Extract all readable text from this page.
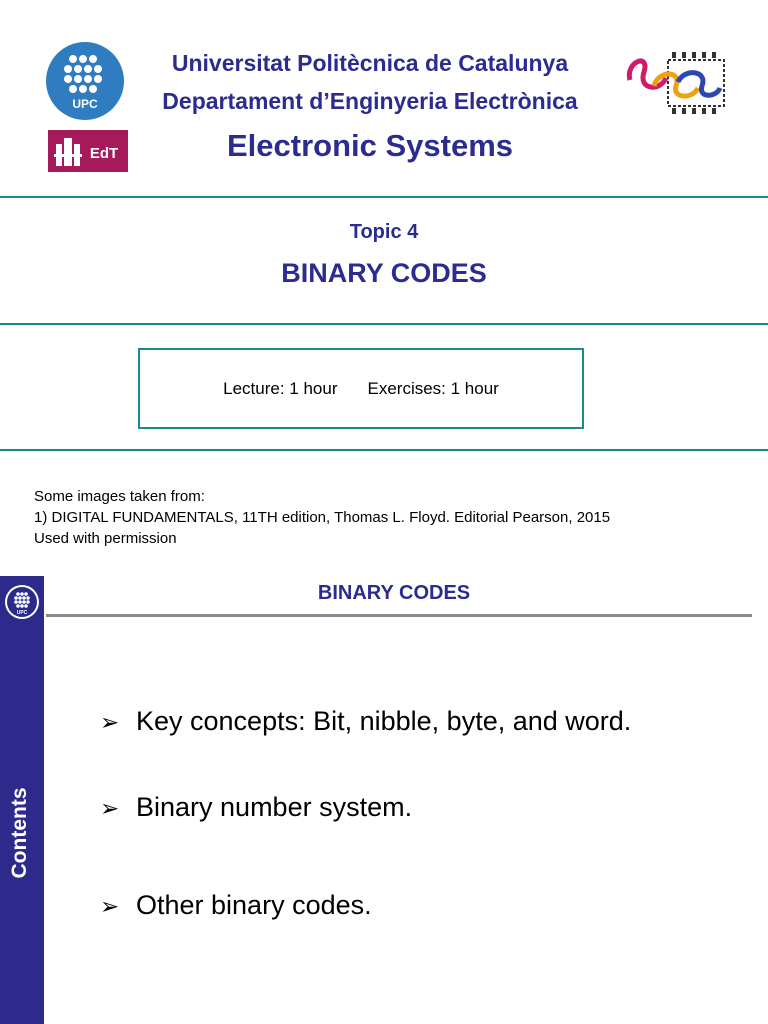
UPC
EdT
Universitat Politècnica de Catalunya
Departament d’Enginyeria Electrònica
Electronic Systems
Topic 4
BINARY CODES
Lecture: 1 hour Exercises: 1 hour
Some images taken from:
1) DIGITAL FUNDAMENTALS, 11TH edition, Thomas L. Floyd. Editorial Pearson, 2015
Used with permission
UPC
Contents
BINARY CODES
➢ Key concepts: Bit, nibble, byte, and word.
➢ Binary number system.
➢ Other binary codes.
